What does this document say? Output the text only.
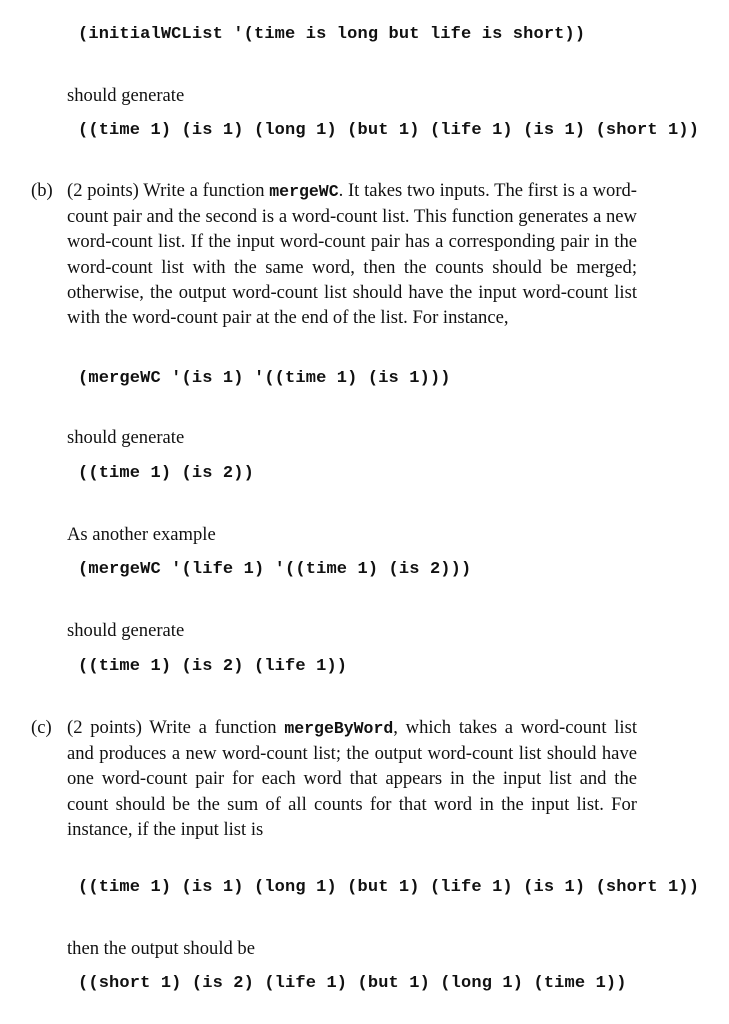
(initialWCList '(time is long but life is short))
should generate
((time 1) (is 1) (long 1) (but 1) (life 1) (is 1) (short 1))
(b) (2 points) Write a function mergeWC. It takes two inputs. The first is a word-count pair and the second is a word-count list. This function generates a new word-count list. If the input word-count pair has a corresponding pair in the word-count list with the same word, then the counts should be merged; otherwise, the output word-count list should have the input word-count list with the word-count pair at the end of the list. For instance,
(mergeWC '(is 1) '((time 1) (is 1)))
should generate
((time 1) (is 2))
As another example
(mergeWC '(life 1) '((time 1) (is 2)))
should generate
((time 1) (is 2) (life 1))
(c) (2 points) Write a function mergeByWord, which takes a word-count list and produces a new word-count list; the output word-count list should have one word-count pair for each word that appears in the input list and the count should be the sum of all counts for that word in the input list. For instance, if the input list is
((time 1) (is 1) (long 1) (but 1) (life 1) (is 1) (short 1))
then the output should be
((short 1) (is 2) (life 1) (but 1) (long 1) (time 1))
